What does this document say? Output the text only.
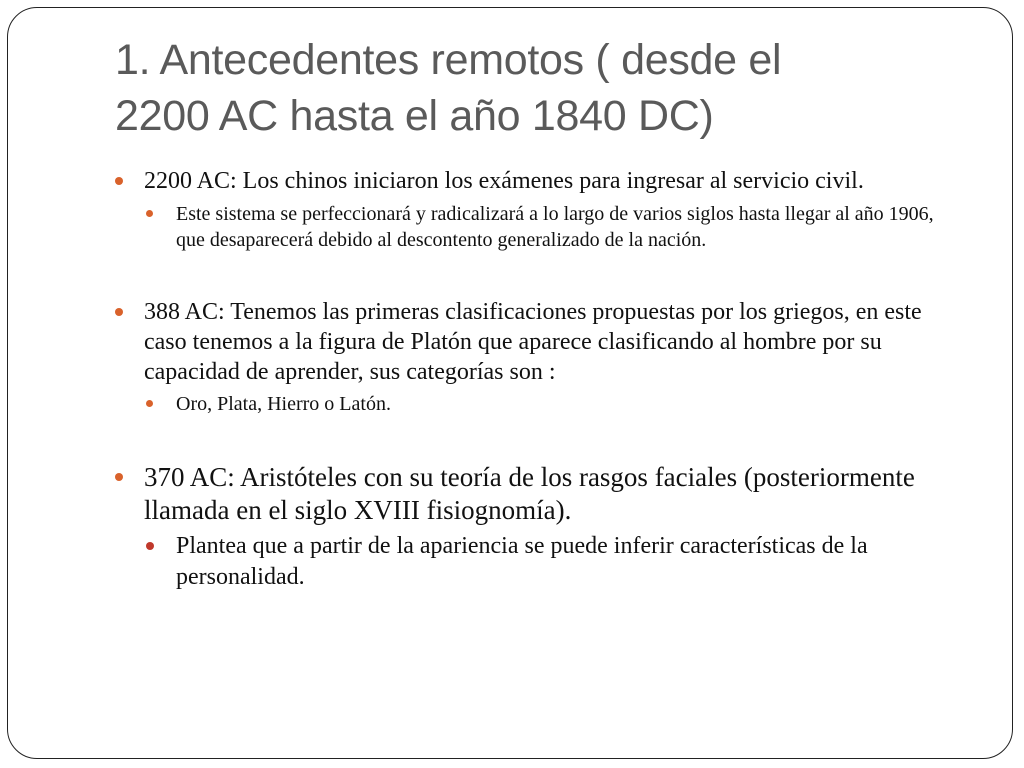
1. Antecedentes remotos ( desde el
2200 AC hasta el año 1840 DC)
2200 AC: Los chinos iniciaron los exámenes para ingresar al servicio civil.
Este sistema se perfeccionará y radicalizará a lo largo de varios siglos hasta llegar al año 1906, que desaparecerá debido al descontento generalizado de la nación.
388 AC: Tenemos las primeras clasificaciones propuestas por los griegos, en este caso tenemos a la figura de Platón que aparece clasificando al hombre por su capacidad de aprender, sus categorías son :
Oro, Plata, Hierro o Latón.
370 AC: Aristóteles con su teoría de los rasgos faciales (posteriormente llamada en el siglo XVIII fisiognomía).
Plantea que a partir de la apariencia se puede inferir características de la personalidad.
